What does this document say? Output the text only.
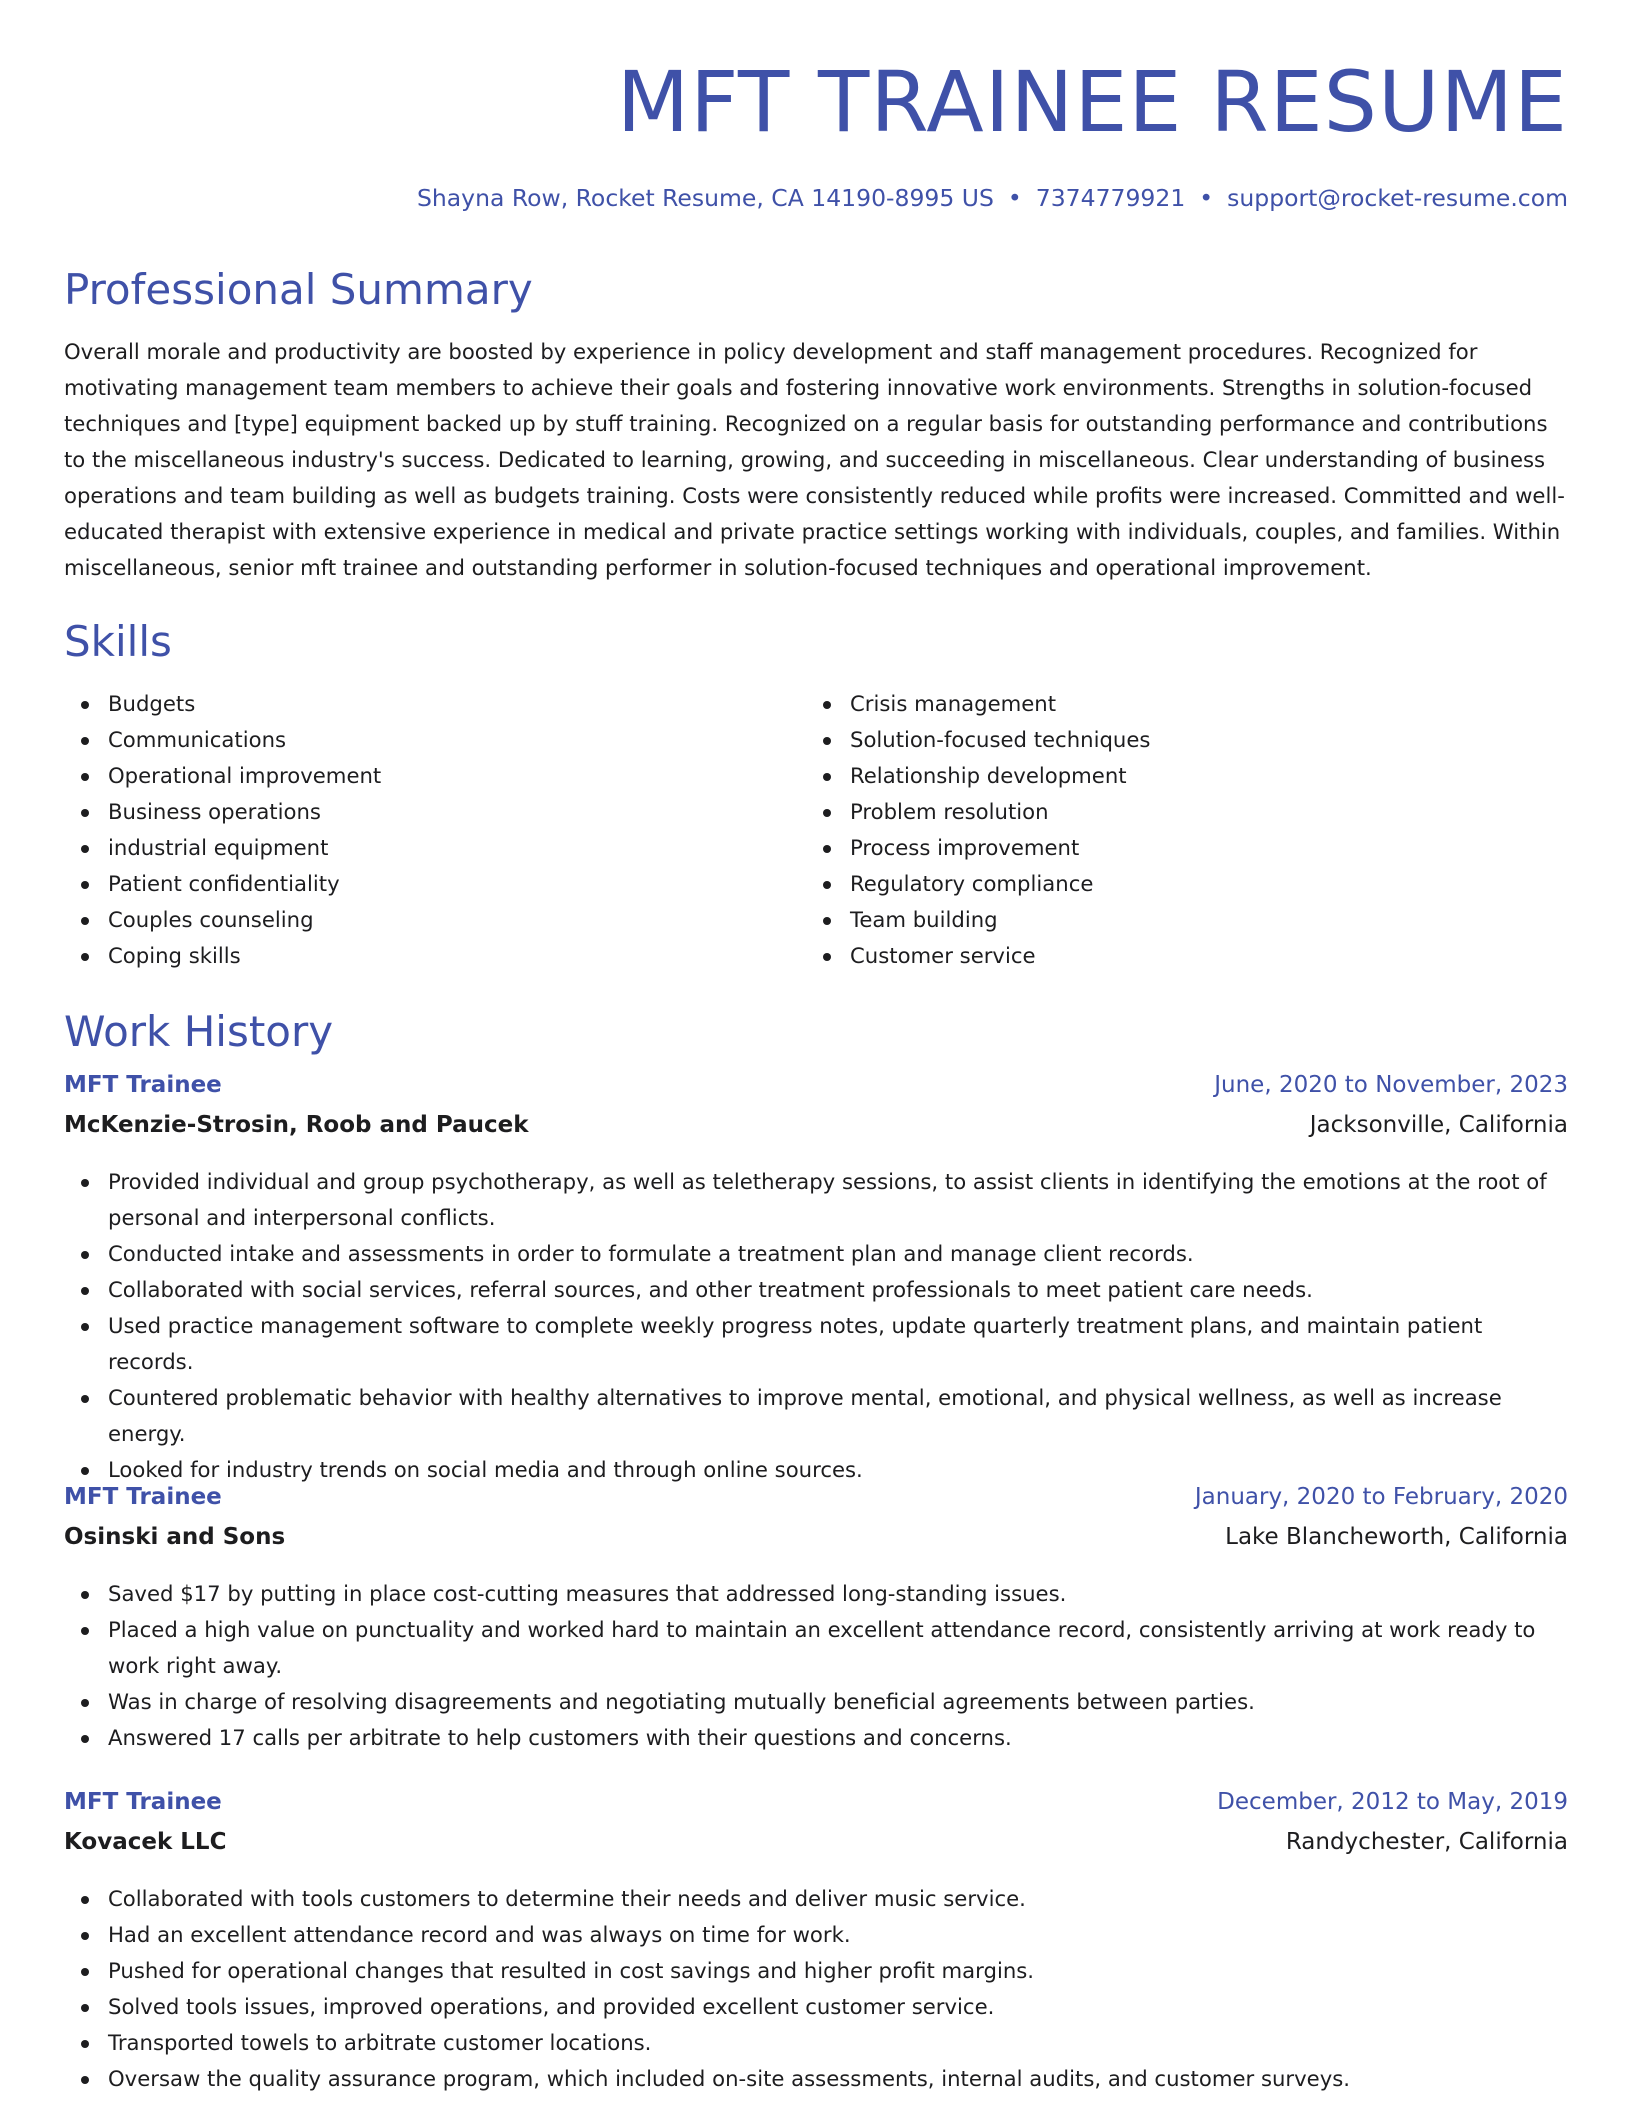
MFT TRAINEE RESUME
Shayna Row, Rocket Resume, CA 14190-8995 US • 7374779921 • support@rocket-resume.com
Professional Summary

Overall morale and productivity are boosted by experience in policy development and staff management procedures. Recognized for motivating management team members to achieve their goals and fostering innovative work environments. Strengths in solution-focused techniques and [type] equipment backed up by stuff training. Recognized on a regular basis for outstanding performance and contributions to the miscellaneous industry's success. Dedicated to learning, growing, and succeeding in miscellaneous. Clear understanding of business operations and team building as well as budgets training. Costs were consistently reduced while profits were increased. Committed and well-educated therapist with extensive experience in medical and private practice settings working with individuals, couples, and families. Within miscellaneous, senior mft trainee and outstanding performer in solution-focused techniques and operational improvement.

Skills
Budgets
Communications
Operational improvement
Business operations
industrial equipment
Patient confidentiality
Couples counseling
Coping skills
Crisis management
Solution-focused techniques
Relationship development
Problem resolution
Process improvement
Regulatory compliance
Team building
Customer service
Work History
MFT Trainee	June, 2020 to November, 2023
McKenzie-Strosin, Roob and Paucek	Jacksonville, California
Provided individual and group psychotherapy, as well as teletherapy sessions, to assist clients in identifying the emotions at the root of personal and interpersonal conflicts.
Conducted intake and assessments in order to formulate a treatment plan and manage client records.
Collaborated with social services, referral sources, and other treatment professionals to meet patient care needs.
Used practice management software to complete weekly progress notes, update quarterly treatment plans, and maintain patient records.
Countered problematic behavior with healthy alternatives to improve mental, emotional, and physical wellness, as well as increase energy.
Looked for industry trends on social media and through online sources.
MFT Trainee	January, 2020 to February, 2020
Osinski and Sons	Lake Blancheworth, California
Saved $17 by putting in place cost-cutting measures that addressed long-standing issues.
Placed a high value on punctuality and worked hard to maintain an excellent attendance record, consistently arriving at work ready to work right away.
Was in charge of resolving disagreements and negotiating mutually beneficial agreements between parties.
Answered 17 calls per arbitrate to help customers with their questions and concerns.
MFT Trainee	December, 2012 to May, 2019
Kovacek LLC	Randychester, California
Collaborated with tools customers to determine their needs and deliver music service.
Had an excellent attendance record and was always on time for work.
Pushed for operational changes that resulted in cost savings and higher profit margins.
Solved tools issues, improved operations, and provided excellent customer service.
Transported towels to arbitrate customer locations.
Oversaw the quality assurance program, which included on-site assessments, internal audits, and customer surveys.
